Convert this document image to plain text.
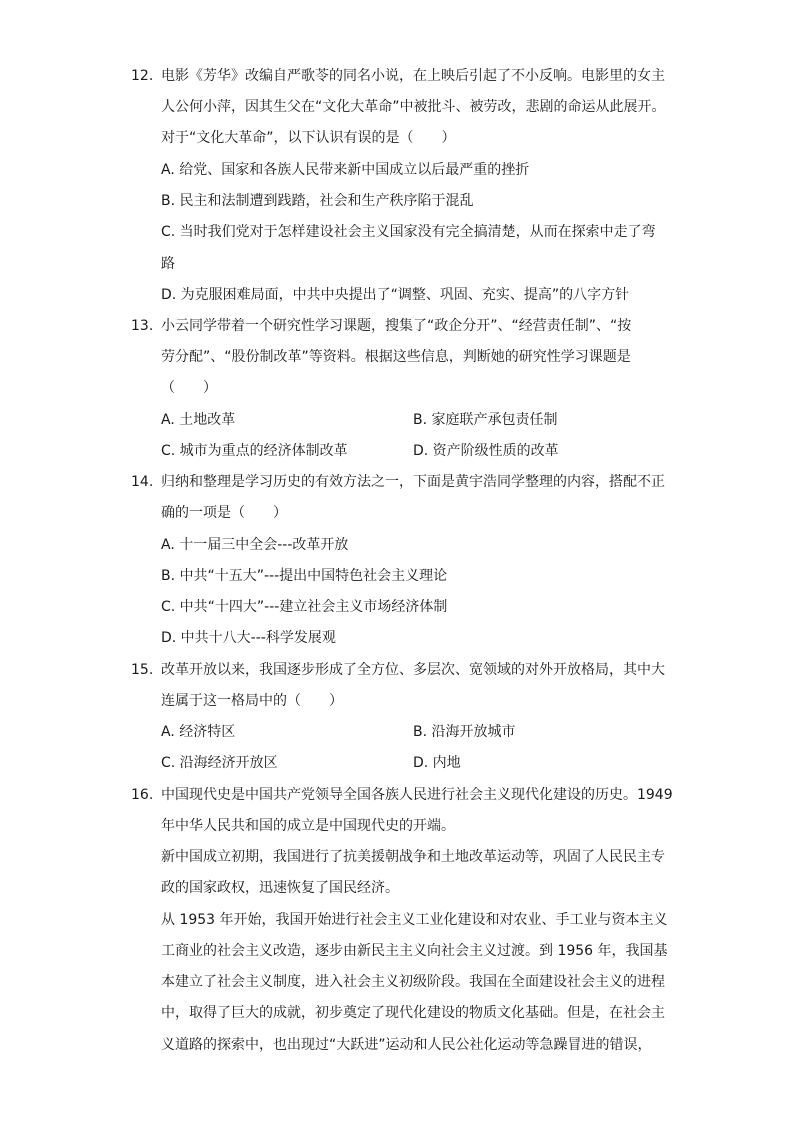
12. 电影《芳华》改编自严歌苓的同名小说，在上映后引起了不小反响。电影里的女主
人公何小萍，因其生父在“文化大革命”中被批斗、被劳改，悲剧的命运从此展开。
对于“文化大革命”，以下认识有误的是（　　）
A. 给党、国家和各族人民带来新中国成立以后最严重的挫折
B. 民主和法制遭到践踏，社会和生产秩序陷于混乱
C. 当时我们党对于怎样建设社会主义国家没有完全搞清楚，从而在探索中走了弯
路
D. 为克服困难局面，中共中央提出了“调整、巩固、充实、提高”的八字方针
13. 小云同学带着一个研究性学习课题，搜集了“政企分开”、“经营责任制”、“按
劳分配”、“股份制改革”等资料。根据这些信息，判断她的研究性学习课题是
（　　）
A. 土地改革	B. 家庭联产承包责任制
C. 城市为重点的经济体制改革	D. 资产阶级性质的改革
14. 归纳和整理是学习历史的有效方法之一，下面是黄宇浩同学整理的内容，搭配不正
确的一项是（　　）
A. 十一届三中全会---改革开放
B. 中共“十五大”---提出中国特色社会主义理论
C. 中共“十四大”---建立社会主义市场经济体制
D. 中共十八大---科学发展观
15. 改革开放以来，我国逐步形成了全方位、多层次、宽领域的对外开放格局，其中大
连属于这一格局中的（　　）
A. 经济特区	B. 沿海开放城市
C. 沿海经济开放区	D. 内地
16. 中国现代史是中国共产党领导全国各族人民进行社会主义现代化建设的历史。1949
年中华人民共和国的成立是中国现代史的开端。
新中国成立初期，我国进行了抗美援朝战争和土地改革运动等，巩固了人民民主专
政的国家政权，迅速恢复了国民经济。
从 1953 年开始，我国开始进行社会主义工业化建设和对农业、手工业与资本主义
工商业的社会主义改造，逐步由新民主主义向社会主义过渡。到 1956 年，我国基
本建立了社会主义制度，进入社会主义初级阶段。我国在全面建设社会主义的进程
中，取得了巨大的成就，初步奠定了现代化建设的物质文化基础。但是，在社会主
义道路的探索中，也出现过“大跃进”运动和人民公社化运动等急躁冒进的错误，
